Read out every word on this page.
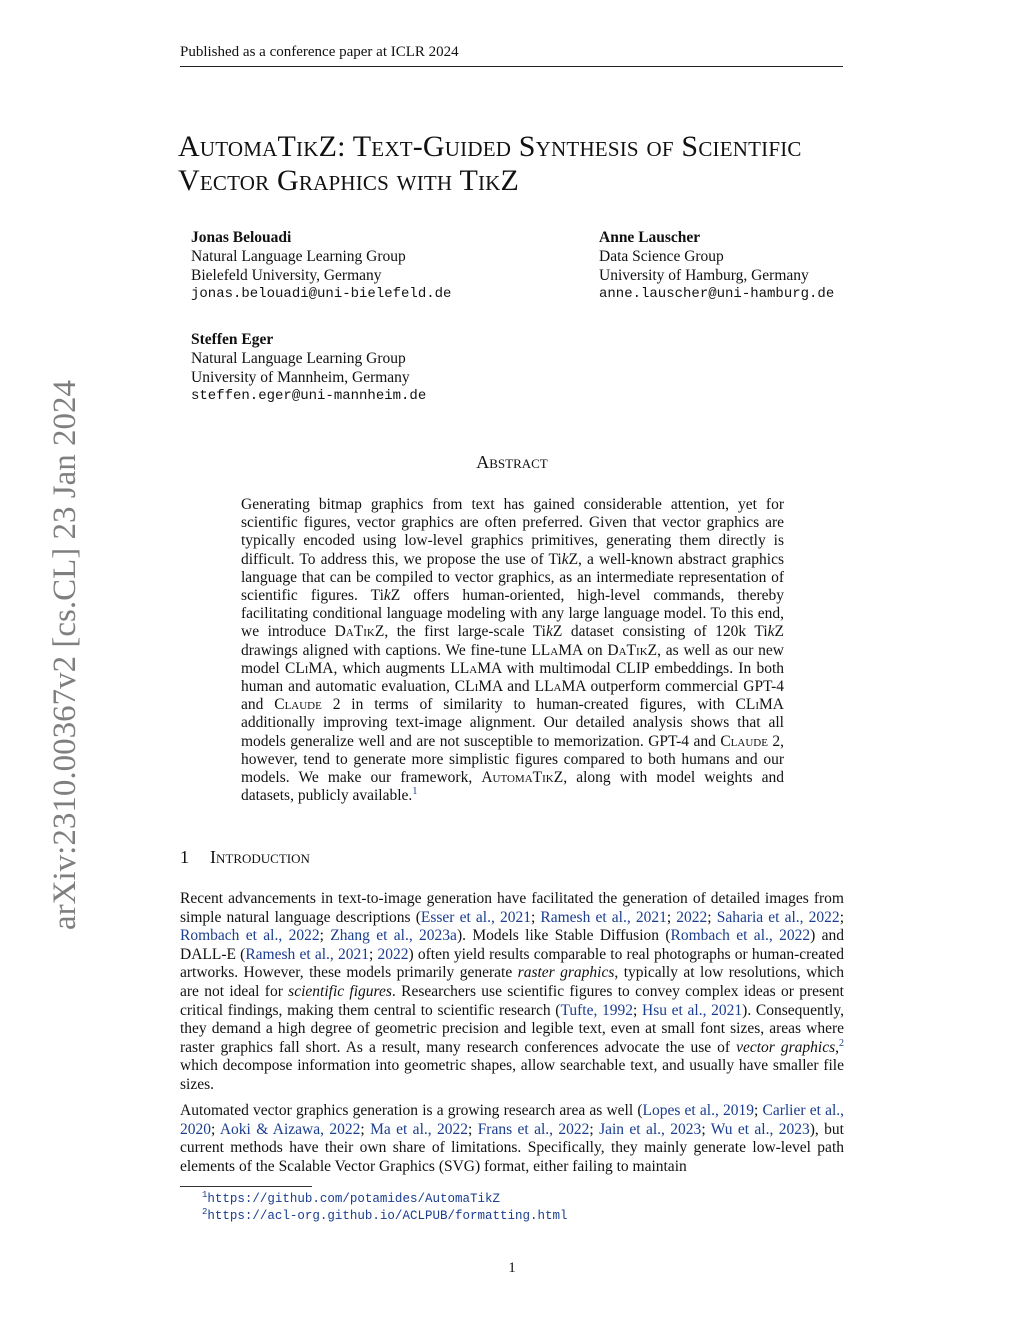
Published as a conference paper at ICLR 2024
AutomaTikZ: Text-Guided Synthesis of Scientific
Vector Graphics with TikZ
Jonas Belouadi
Natural Language Learning Group
Bielefeld University, Germany
jonas.belouadi@uni-bielefeld.de
Anne Lauscher
Data Science Group
University of Hamburg, Germany
anne.lauscher@uni-hamburg.de
Steffen Eger
Natural Language Learning Group
University of Mannheim, Germany
steffen.eger@uni-mannheim.de
arXiv:2310.00367v2 [cs.CL] 23 Jan 2024	Abstract
Generating bitmap graphics from text has gained considerable attention, yet for scientific figures, vector graphics are often preferred. Given that vector graphics are typically encoded using low-level graphics primitives, generating them directly is difficult. To address this, we propose the use of TikZ, a well-known abstract graphics language that can be compiled to vector graphics, as an intermediate representation of scientific figures. TikZ offers human-oriented, high-level commands, thereby facilitating conditional language modeling with any large language model. To this end, we introduce DaTikZ, the first large-scale TikZ dataset consisting of 120k TikZ drawings aligned with captions. We fine-tune LLaMA on DaTikZ, as well as our new model CLiMA, which augments LLaMA with multimodal CLIP embeddings. In both human and automatic evaluation, CLiMA and LLaMA outperform commercial GPT-4 and Claude 2 in terms of similarity to human-created figures, with CLiMA additionally improving text-image alignment. Our detailed analysis shows that all models generalize well and are not susceptible to memorization. GPT-4 and Claude 2, however, tend to generate more simplistic figures compared to both humans and our models. We make our framework, AutomaTikZ, along with model weights and datasets, publicly available.$^1$
1 Introduction
Recent advancements in text-to-image generation have facilitated the generation of detailed images from simple natural language descriptions (Esser et al., 2021; Ramesh et al., 2021; 2022; Saharia et al., 2022; Rombach et al., 2022; Zhang et al., 2023a). Models like Stable Diffusion (Rombach et al., 2022) and DALL-E (Ramesh et al., 2021; 2022) often yield results comparable to real photographs or human-created artworks. However, these models primarily generate raster graphics, typically at low resolutions, which are not ideal for scientific figures. Researchers use scientific figures to convey complex ideas or present critical findings, making them central to scientific research (Tufte, 1992; Hsu et al., 2021). Consequently, they demand a high degree of geometric precision and legible text, even at small font sizes, areas where raster graphics fall short. As a result, many research conferences advocate the use of vector graphics,$^2$ which decompose information into geometric shapes, allow searchable text, and usually have smaller file sizes.
Automated vector graphics generation is a growing research area as well (Lopes et al., 2019; Carlier et al., 2020; Aoki & Aizawa, 2022; Ma et al., 2022; Frans et al., 2022; Jain et al., 2023; Wu et al., 2023), but current methods have their own share of limitations. Specifically, they mainly generate low-level path elements of the Scalable Vector Graphics (SVG) format, either failing to maintain
$^1$https://github.com/potamides/AutomaTikZ
$^2$https://acl-org.github.io/ACLPUB/formatting.html
1
